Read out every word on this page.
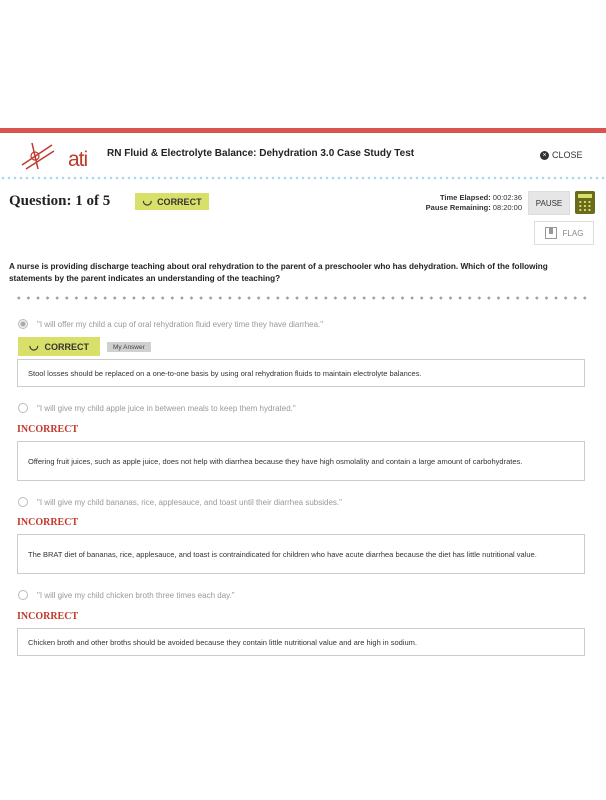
ati RN Fluid & Electrolyte Balance: Dehydration 3.0 Case Study Test	× CLOSE
Question: 1 of 5	◡ CORRECT	Time Elapsed: 00:02:36
Pause Remaining: 08:20:00	PAUSE
FLAG
A nurse is providing discharge teaching about oral rehydration to the parent of a preschooler who has dehydration. Which of the following statements by the parent indicates an understanding of the teaching?
"I will offer my child a cup of oral rehydration fluid every time they have diarrhea."
◡ CORRECT	My Answer
Stool losses should be replaced on a one-to-one basis by using oral rehydration fluids to maintain electrolyte balances.
"I will give my child apple juice in between meals to keep them hydrated."
INCORRECT
Offering fruit juices, such as apple juice, does not help with diarrhea because they have high osmolality and contain a large amount of carbohydrates.
"I will give my child bananas, rice, applesauce, and toast until their diarrhea subsides."
INCORRECT
The BRAT diet of bananas, rice, applesauce, and toast is contraindicated for children who have acute diarrhea because the diet has little nutritional value.
"I will give my child chicken broth three times each day."
INCORRECT
Chicken broth and other broths should be avoided because they contain little nutritional value and are high in sodium.
